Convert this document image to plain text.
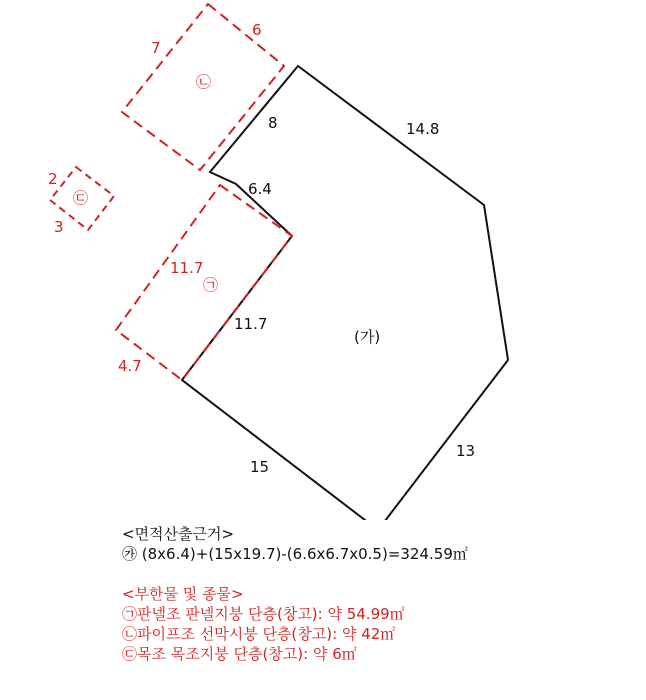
(가)
8	14.8
6.4
11.7
15
13
㉠
11.7
4.7
㉡
7
6
㉢
2
3
<면적산출근거>
㉮ (8x6.4)+(15x19.7)-(6.6x6.7x0.5)=324.59㎡
<부한물 및 종물>
㉠판넬조 판넬지붕 단층(창고): 약 54.99㎡
㉡파이프조 선막시붕 단층(창고): 약 42㎡
㉢목조 목조지붕 단층(창고): 약 6㎡
